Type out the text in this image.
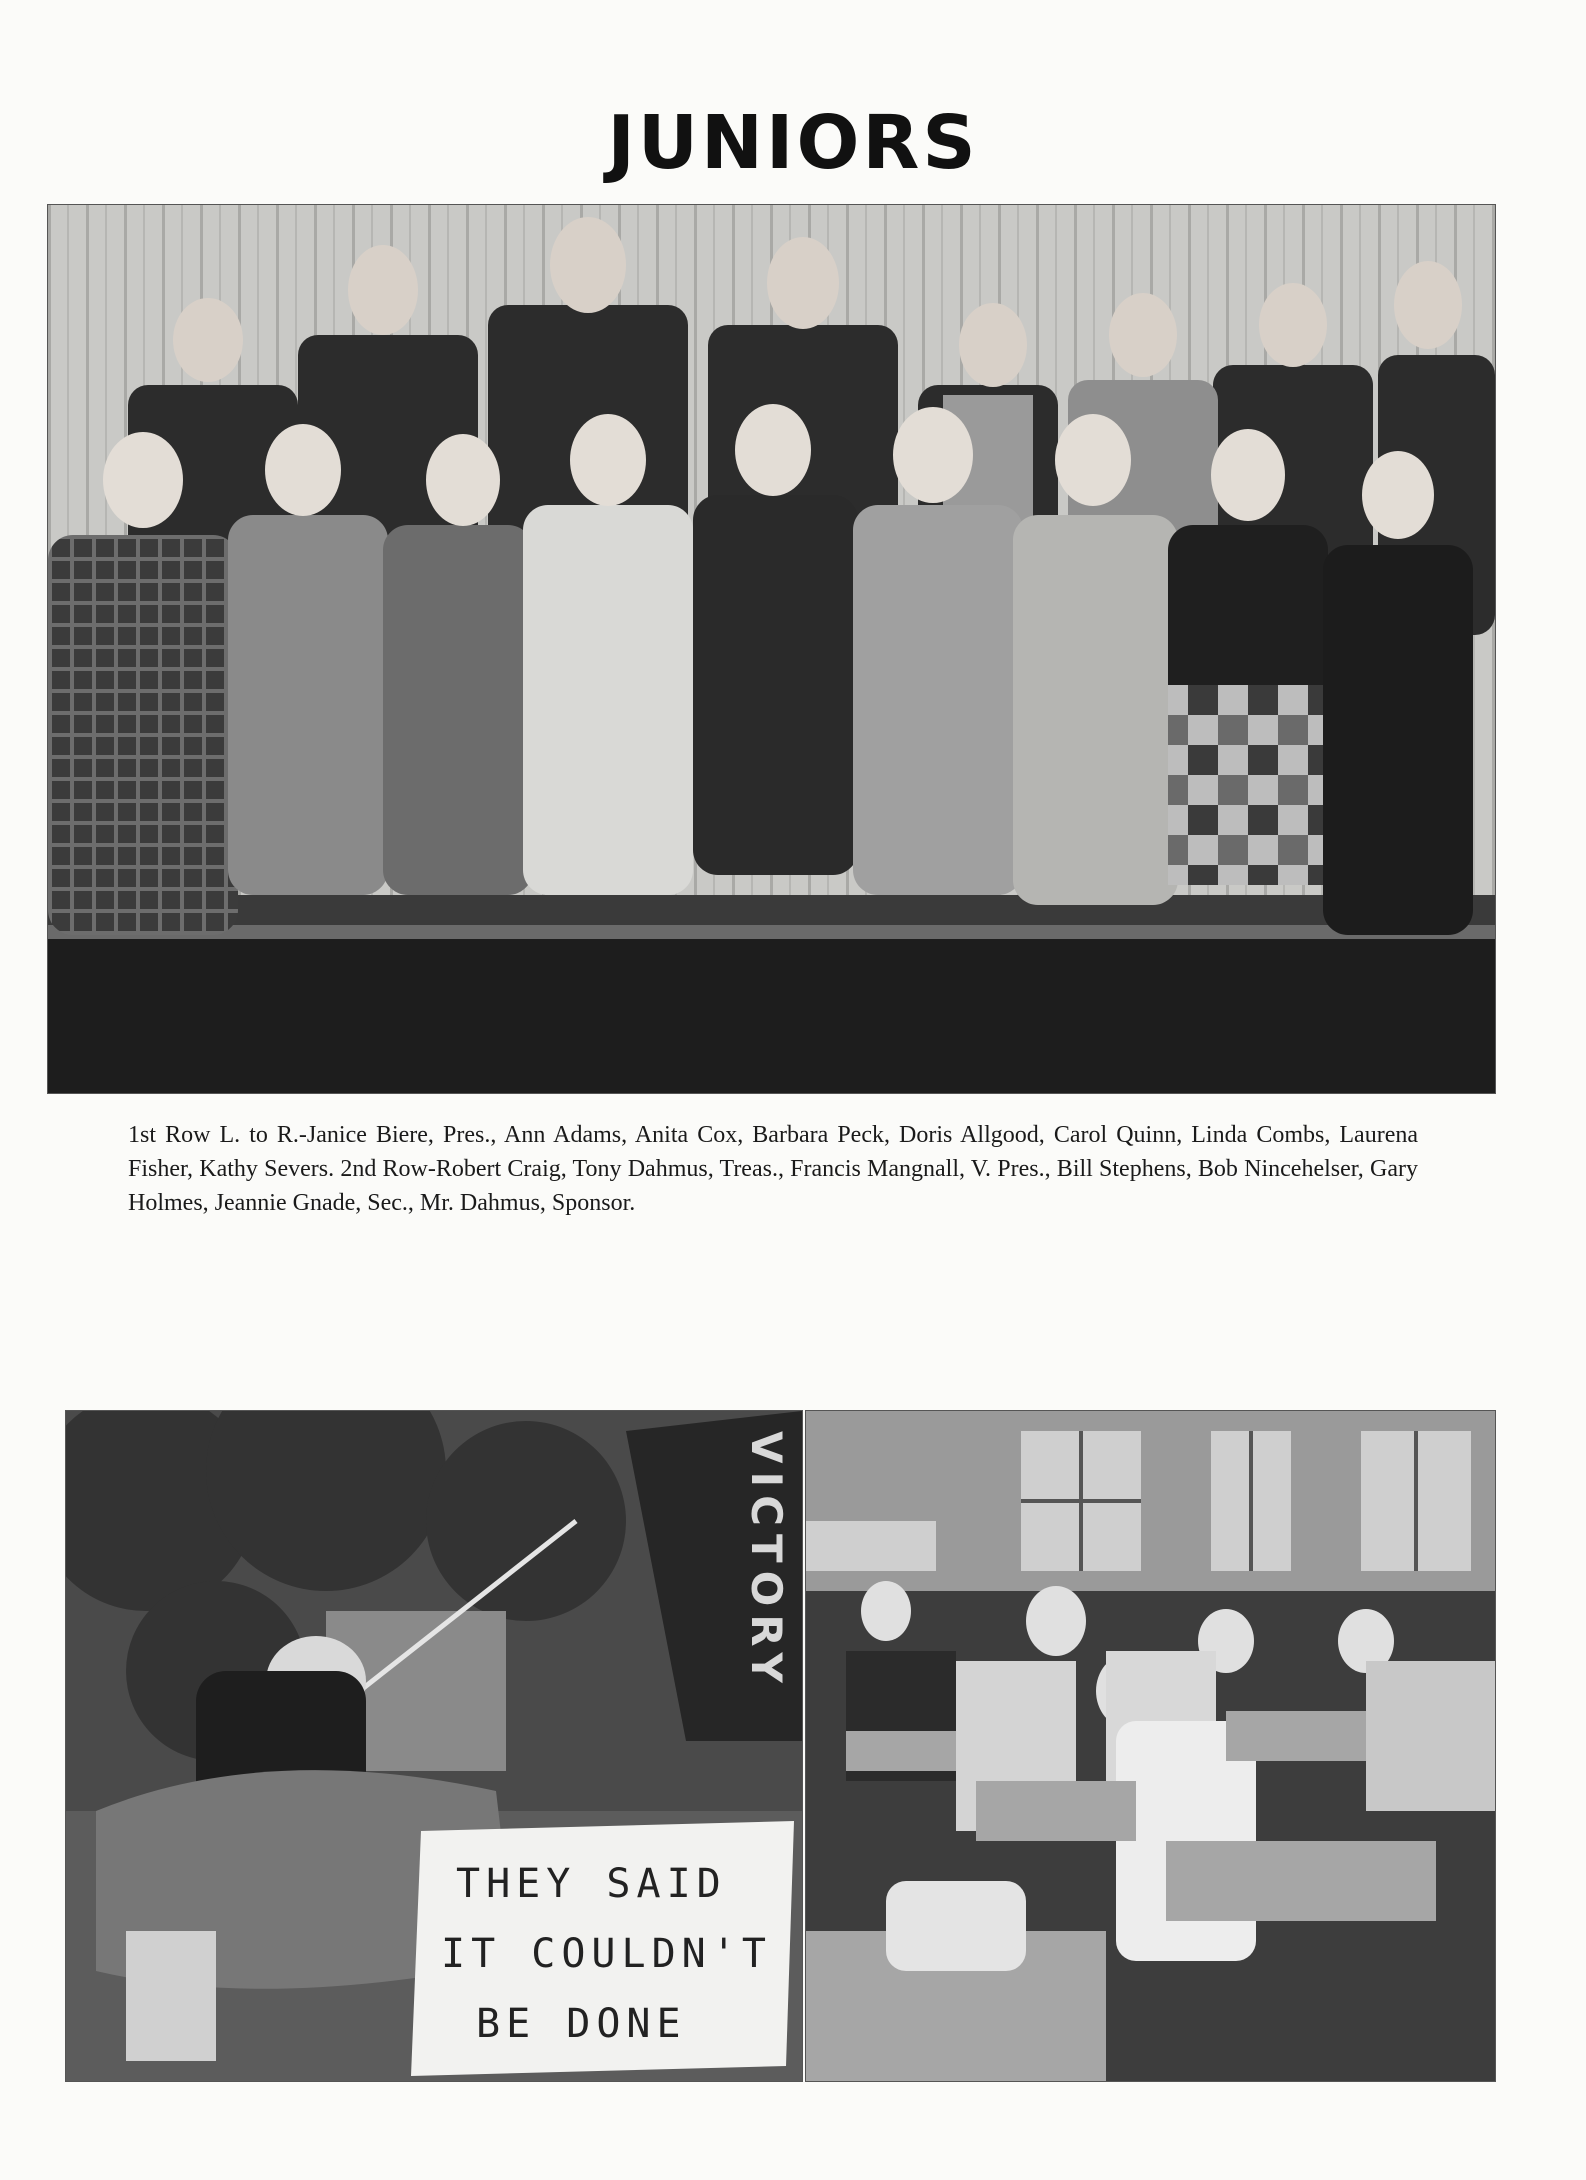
JUNIORS
1st Row L. to R.-Janice Biere, Pres., Ann Adams, Anita Cox, Barbara Peck, Doris Allgood, Carol Quinn, Linda Combs, Laurena Fisher, Kathy Severs. 2nd Row-Robert Craig, Tony Dahmus, Treas., Francis Mangnall, V. Pres., Bill Stephens, Bob Nincehelser, Gary Holmes, Jeannie Gnade, Sec., Mr. Dahmus, Sponsor.
VICTORY
THEY SAID
IT COULDN'T
BE DONE
